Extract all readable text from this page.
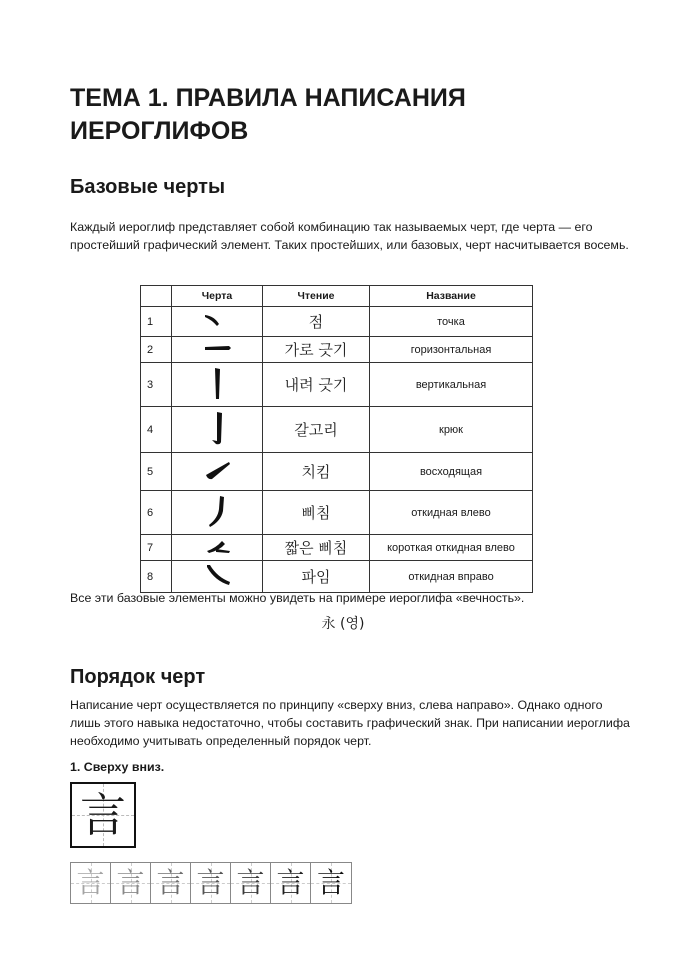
ТЕМА 1. ПРАВИЛА НАПИСАНИЯ ИЕРОГЛИФОВ
Базовые черты
Каждый иероглиф представляет собой комбинацию так называемых черт, где черта — его простейший графический элемент. Таких простейших, или базовых, черт насчитывается восемь.
	Черта	Чтение	Название
1		점	точка
2		가로 긋기	горизонтальная
3		내려 긋기	вертикальная
4		갈고리	крюк
5		치킴	восходящая
6		삐침	откидная влево
7		짧은 삐침	короткая откидная влево
8		파임	откидная вправо
Все эти базовые элементы можно увидеть на примере иероглифа «вечность».
永 (영)
Порядок черт
Написание черт осуществляется по принципу «сверху вниз, слева направо». Однако одного лишь этого навыка недостаточно, чтобы составить графический знак. При написании иероглифа необходимо учитывать определенный порядок черт.
1. Сверху вниз.
言
言 言 言 言 言 言 言
